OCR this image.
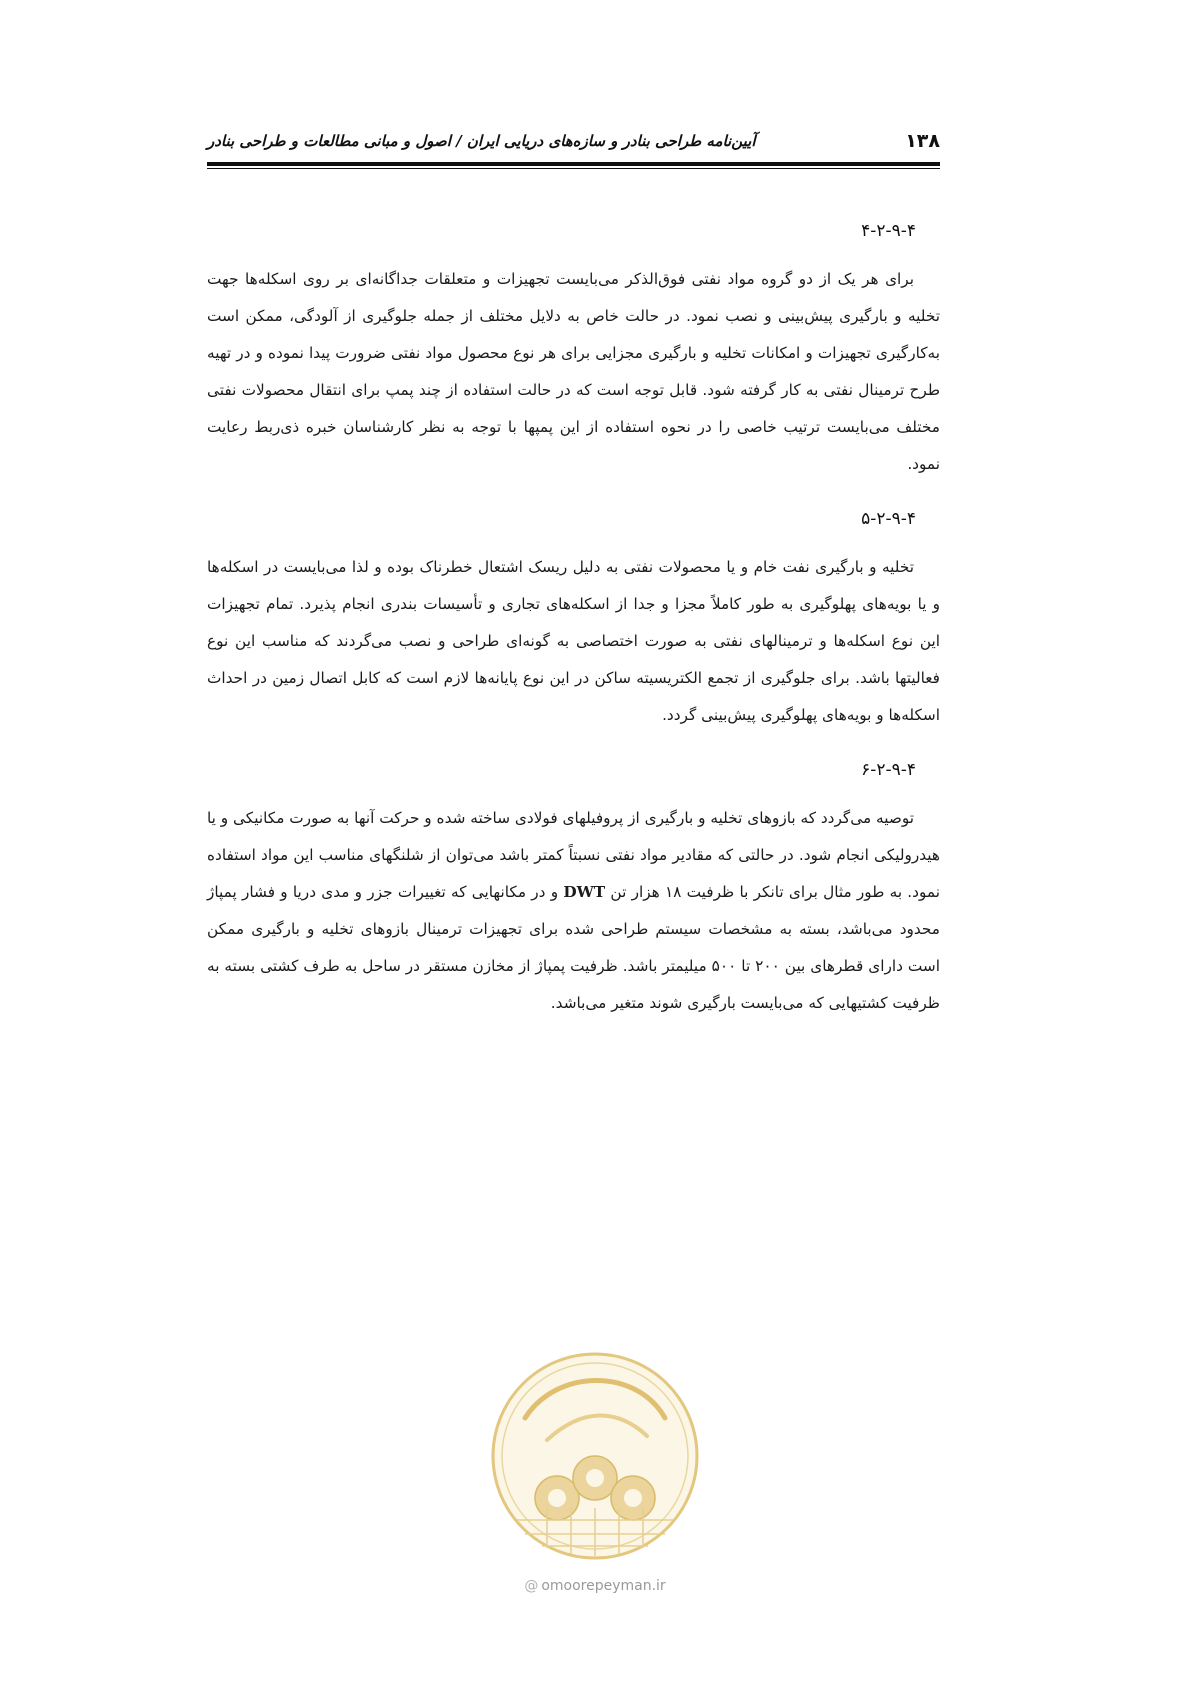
۱۳۸
آیین‌نامه طراحی بنادر و سازه‌های دریایی ایران / اصول و مبانی مطالعات و طراحی بنادر

۴-۲-۹-۴

برای هر یک از دو گروه مواد نفتی فوق‌الذکر می‌بایست تجهیزات و متعلقات جداگانه‌ای بر روی اسکله‌ها جهت تخلیه و بارگیری پیش‌بینی و نصب نمود. در حالت خاص به دلایل مختلف از جمله جلوگیری از آلودگی، ممکن است به‌کارگیری تجهیزات و امکانات تخلیه و بارگیری مجزایی برای هر نوع محصول مواد نفتی ضرورت پیدا نموده و در تهیه طرح ترمینال نفتی به کار گرفته شود. قابل توجه است که در حالت استفاده از چند پمپ برای انتقال محصولات نفتی مختلف می‌بایست ترتیب خاصی را در نحوه استفاده از این پمپها با توجه به نظر کارشناسان خبره ذی‌ربط رعایت نمود.

۵-۲-۹-۴

تخلیه و بارگیری نفت خام و یا محصولات نفتی به دلیل ریسک اشتعال خطرناک بوده و لذا می‌بایست در اسکله‌ها و یا بویه‌های پهلوگیری به طور کاملاً مجزا و جدا از اسکله‌های تجاری و تأسیسات بندری انجام پذیرد. تمام تجهیزات این نوع اسکله‌ها و ترمینالهای نفتی به صورت اختصاصی به گونه‌ای طراحی و نصب می‌گردند که مناسب این نوع فعالیتها باشد. برای جلوگیری از تجمع الکتریسیته ساکن در این نوع پایانه‌ها لازم است که کابل اتصال زمین در احداث اسکله‌ها و بویه‌های پهلوگیری پیش‌بینی گردد.

۶-۲-۹-۴

توصیه می‌گردد که بازوهای تخلیه و بارگیری از پروفیلهای فولادی ساخته شده و حرکت آنها به صورت مکانیکی و یا هیدرولیکی انجام شود. در حالتی که مقادیر مواد نفتی نسبتاً کمتر باشد می‌توان از شلنگهای مناسب این مواد استفاده نمود. به طور مثال برای تانکر با ظرفیت ۱۸ هزار تن DWT و در مکانهایی که تغییرات جزر و مدی دریا و فشار پمپاژ محدود می‌باشد، بسته به مشخصات سیستم طراحی شده برای تجهیزات ترمینال بازوهای تخلیه و بارگیری ممکن است دارای قطرهای بین ۲۰۰ تا ۵۰۰ میلیمتر باشد. ظرفیت پمپاژ از مخازن مستقر در ساحل به طرف کشتی بسته به ظرفیت کشتیهایی که می‌بایست بارگیری شوند متغیر می‌باشد.

@ omoorepeyman.ir
